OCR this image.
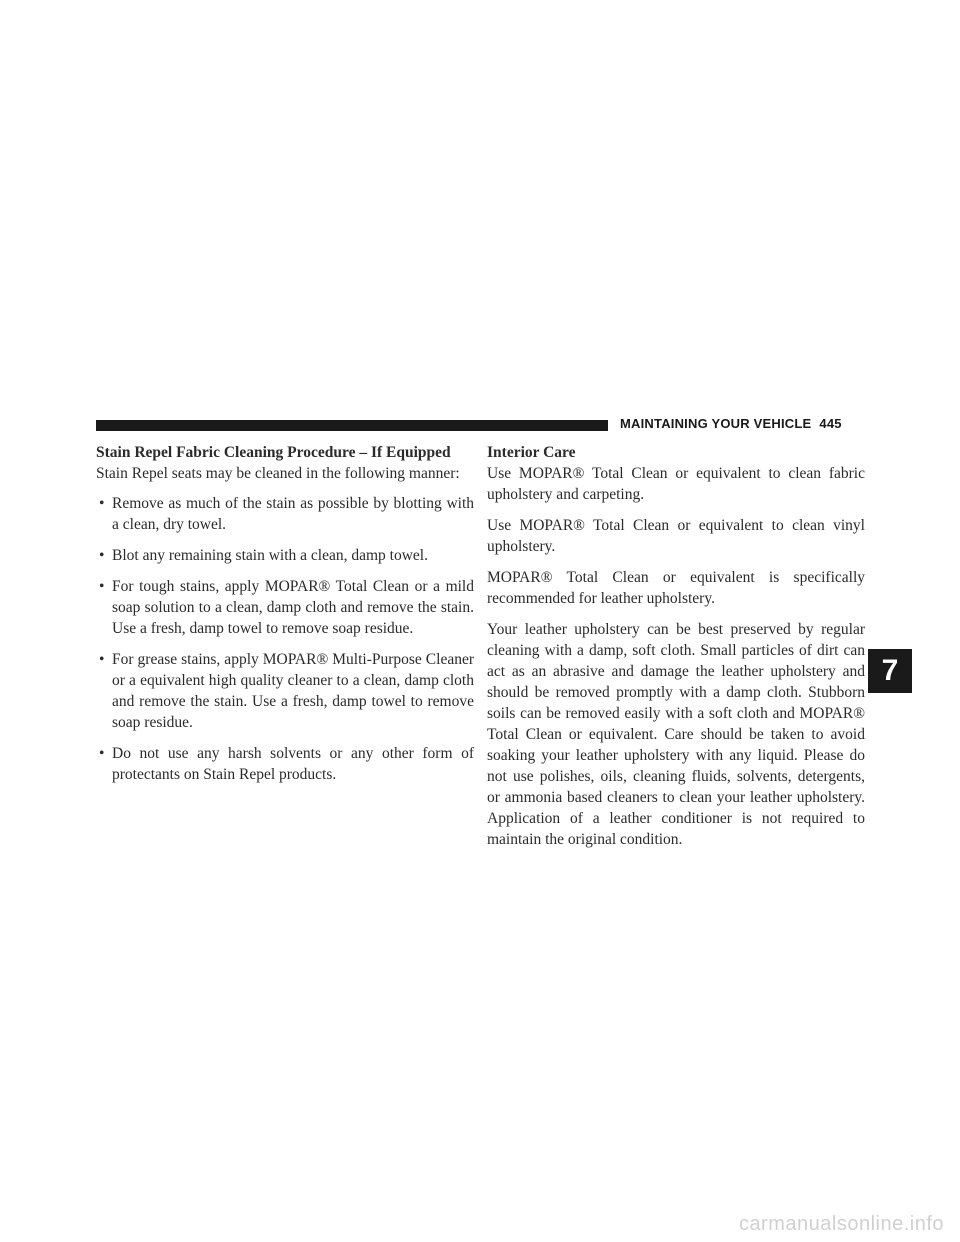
MAINTAINING YOUR VEHICLE 445
Stain Repel Fabric Cleaning Procedure – If Equipped

Stain Repel seats may be cleaned in the following manner:

• Remove as much of the stain as possible by blotting with a clean, dry towel.
• Blot any remaining stain with a clean, damp towel.
• For tough stains, apply MOPAR® Total Clean or a mild soap solution to a clean, damp cloth and remove the stain. Use a fresh, damp towel to remove soap residue.
• For grease stains, apply MOPAR® Multi-Purpose Cleaner or a equivalent high quality cleaner to a clean, damp cloth and remove the stain. Use a fresh, damp towel to remove soap residue.
• Do not use any harsh solvents or any other form of protectants on Stain Repel products.
Interior Care

Use MOPAR® Total Clean or equivalent to clean fabric upholstery and carpeting.

Use MOPAR® Total Clean or equivalent to clean vinyl upholstery.

MOPAR® Total Clean or equivalent is specifically recommended for leather upholstery.

Your leather upholstery can be best preserved by regular cleaning with a damp, soft cloth. Small particles of dirt can act as an abrasive and damage the leather upholstery and should be removed promptly with a damp cloth. Stubborn soils can be removed easily with a soft cloth and MOPAR® Total Clean or equivalent. Care should be taken to avoid soaking your leather upholstery with any liquid. Please do not use polishes, oils, cleaning fluids, solvents, detergents, or ammonia based cleaners to clean your leather upholstery. Application of a leather conditioner is not required to maintain the original condition.

7
carmanualsonline.info
